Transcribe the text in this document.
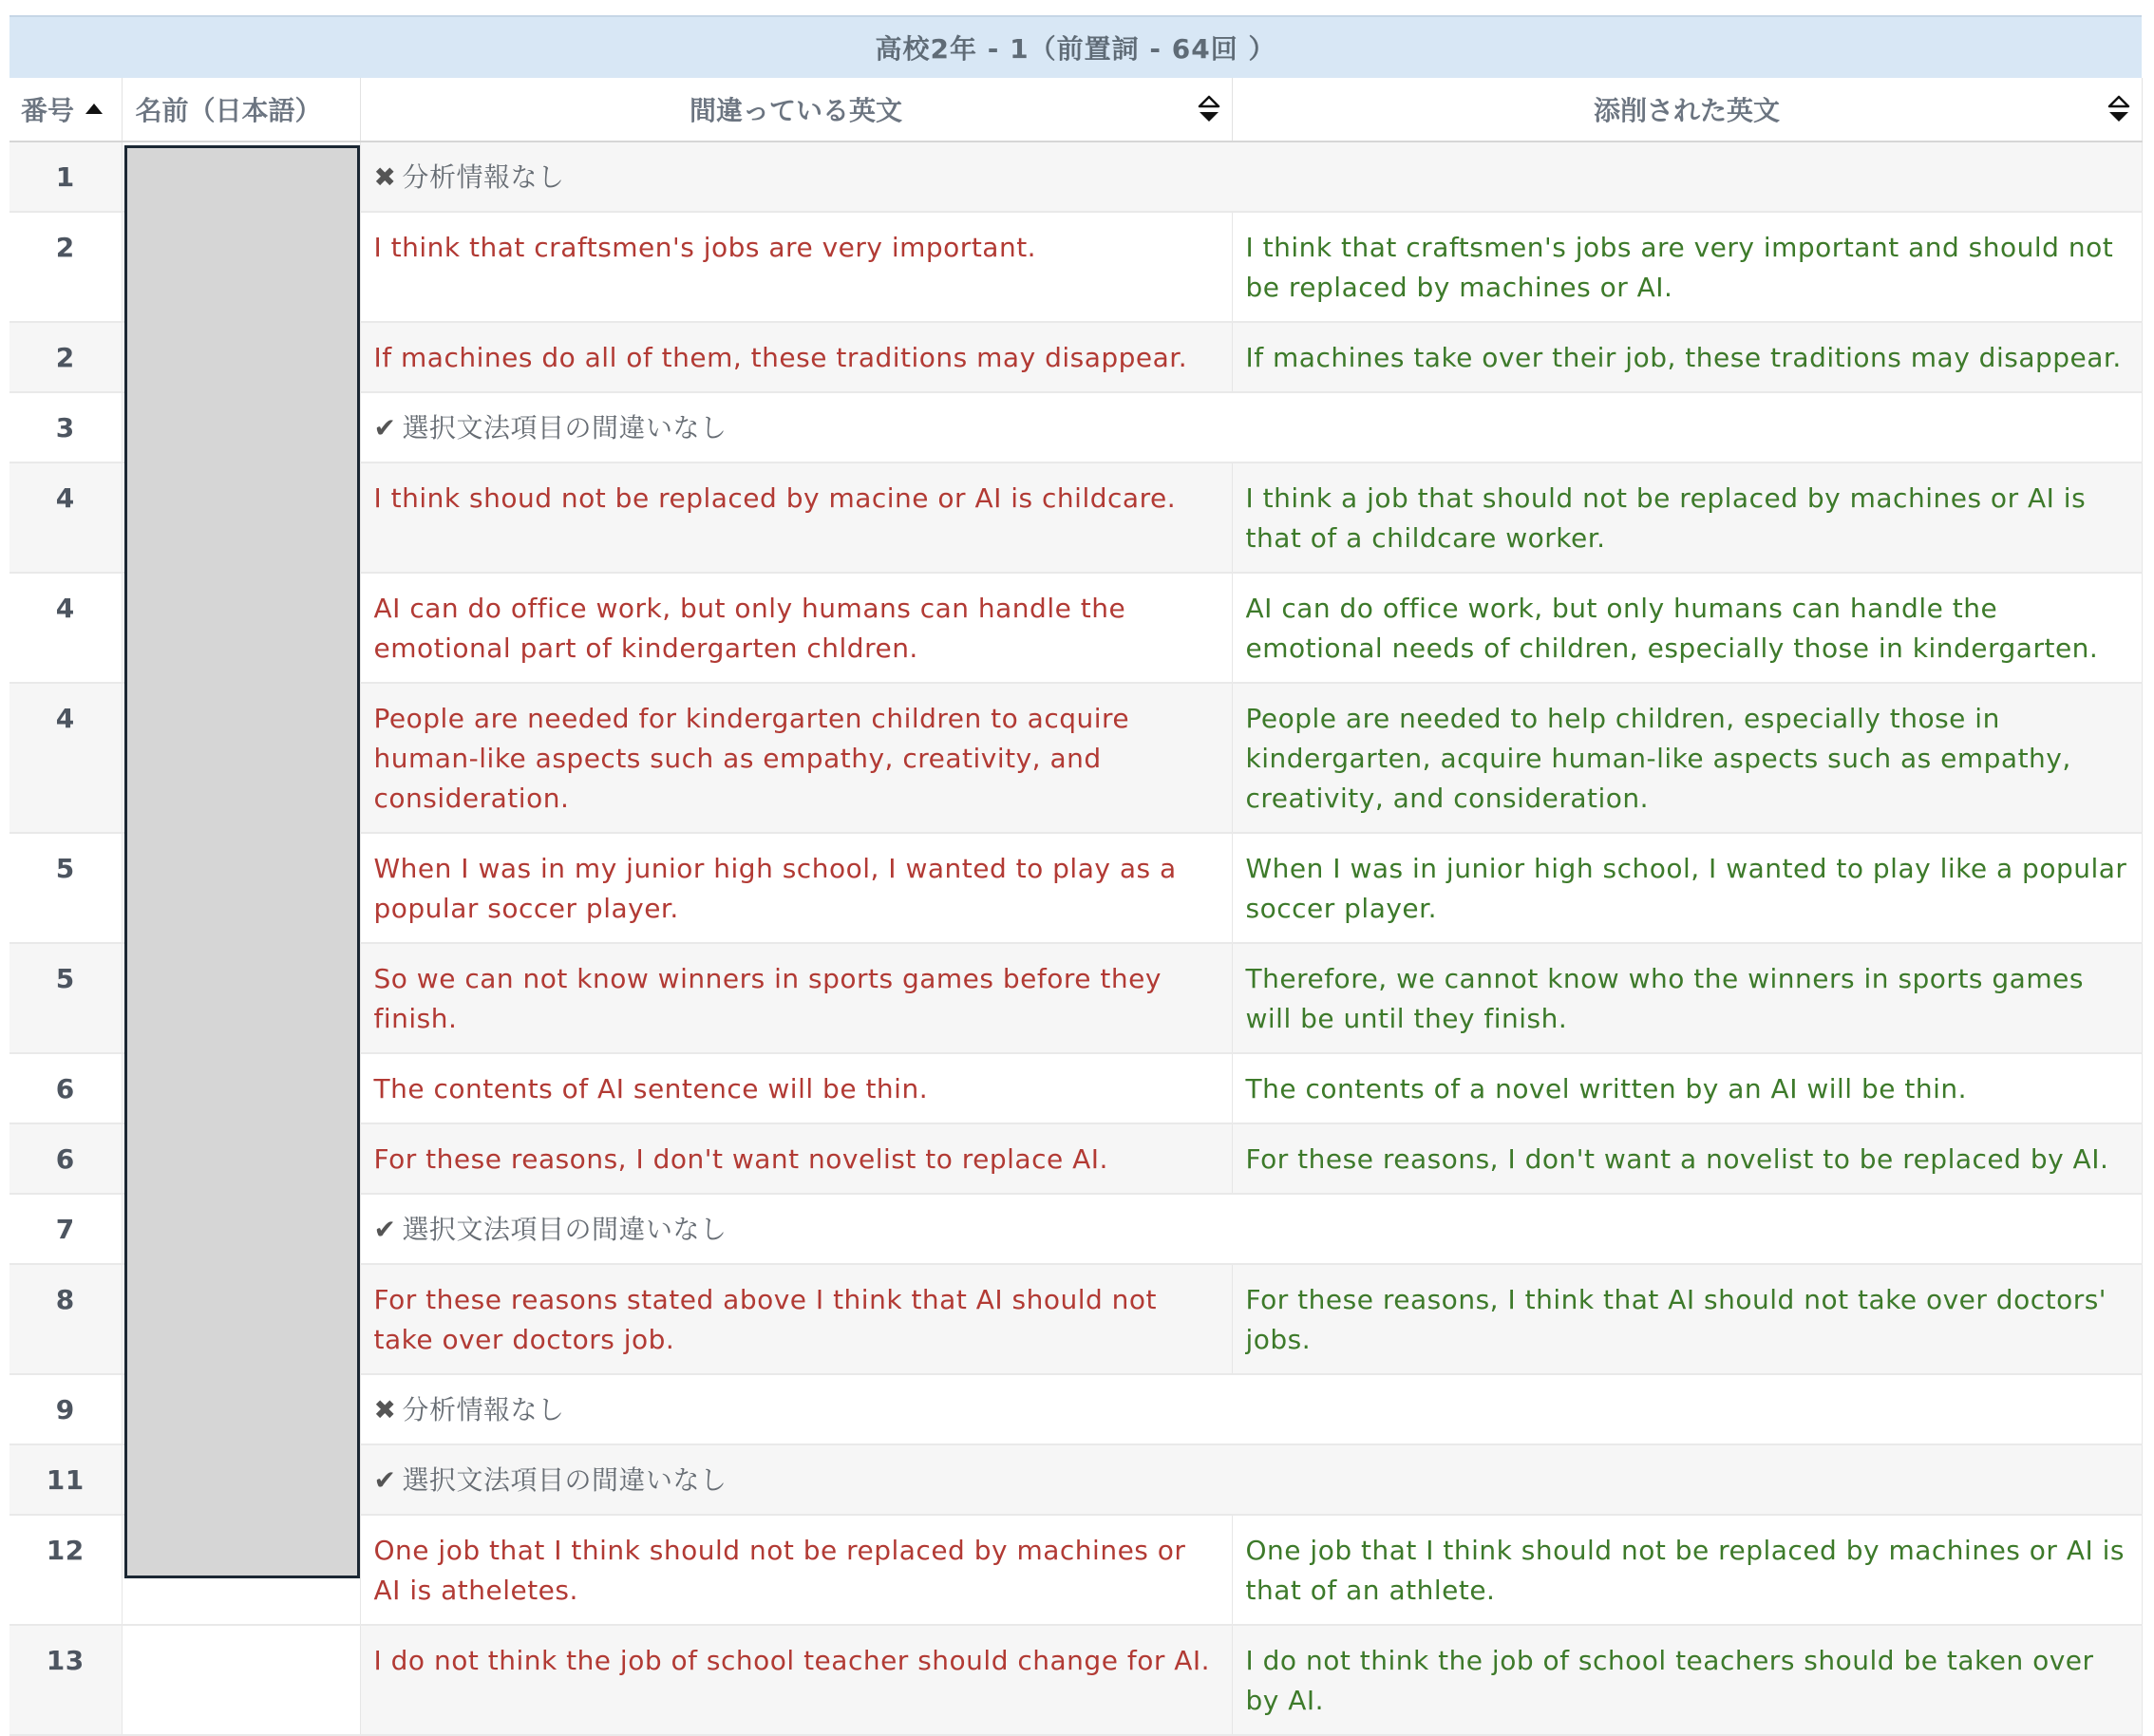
高校2年 - 1（前置詞 - 64回 ）
番号	名前（日本語）	間違っている英文	添削された英文

1		✖ 分析情報なし	
2		I think that craftsmen's jobs are very important.	I think that craftsmen's jobs are very important and should not be replaced by machines or AI.
2		If machines do all of them, these traditions may disappear.	If machines take over their job, these traditions may disappear.
3		✔ 選択文法項目の間違いなし	
4		I think shoud not be replaced by macine or AI is childcare.	I think a job that should not be replaced by machines or AI is that of a childcare worker.
4		AI can do office work, but only humans can handle the emotional part of kindergarten chldren.	AI can do office work, but only humans can handle the emotional needs of children, especially those in kindergarten.
4		People are needed for kindergarten children to acquire human-like aspects such as empathy, creativity, and consideration.	People are needed to help children, especially those in kindergarten, acquire human-like aspects such as empathy, creativity, and consideration.
5		When I was in my junior high school, I wanted to play as a popular soccer player.	When I was in junior high school, I wanted to play like a popular soccer player.
5		So we can not know winners in sports games before they finish.	Therefore, we cannot know who the winners in sports games will be until they finish.
6		The contents of AI sentence will be thin.	The contents of a novel written by an AI will be thin.
6		For these reasons, I don't want novelist to replace AI.	For these reasons, I don't want a novelist to be replaced by AI.
7		✔ 選択文法項目の間違いなし	
8		For these reasons stated above I think that AI should not take over doctors job.	For these reasons, I think that AI should not take over doctors' jobs.
9		✖ 分析情報なし	
11		✔ 選択文法項目の間違いなし	
12		One job that I think should not be replaced by machines or AI is atheletes.	One job that I think should not be replaced by machines or AI is that of an athlete.
13		I do not think the job of school teacher should change for AI.	I do not think the job of school teachers should be taken over by AI.
